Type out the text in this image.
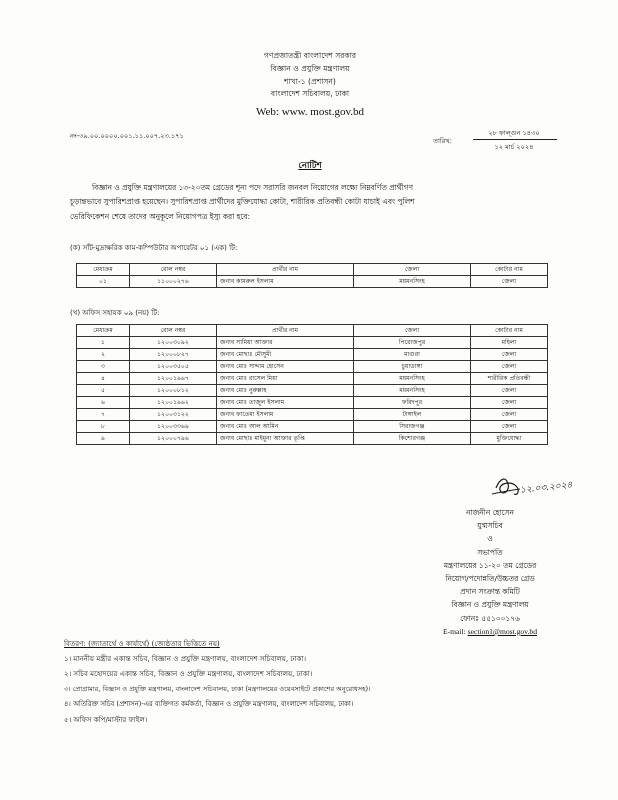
গণপ্রজাতন্ত্রী বাংলাদেশ সরকার
বিজ্ঞান ও প্রযুক্তি মন্ত্রণালয়
শাখা-১ (প্রশাসন)
বাংলাদেশ সচিবালয়, ঢাকা
Web: www. most.gov.bd
নং-৩৯.০০.০০০০.০০১.১১.০০৭.২৩.১৭১
তারিখ:
২৮ ফাল্গুন ১৪৩০
১২ মার্চ ২০২৪
নোটিশ
বিজ্ঞান ও প্রযুক্তি মন্ত্রণালয়ের ১৩-২০তম গ্রেডের শূন্য পদে সরাসরি জনবল নিয়োগের লক্ষ্যে নিম্নবর্ণিত প্রার্থীগণ
চূড়ান্তভাবে সুপারিশপ্রাপ্ত হয়েছেন। সুপারিশপ্রাপ্ত প্রার্থীদের মুক্তিযোদ্ধা কোটা, শারীরিক প্রতিবন্ধী কোটা যাচাই এবং পুলিশ
ভেরিফিকেশন শেষে তাদের অনুকূলে নিয়োগপত্র ইস্যু করা হবে:
(ক) সাঁট-মুদ্রাক্ষরিক কাম-কম্পিউটার অপারেটর ০১ (এক) টি:
মেধাক্রম	রোল নম্বর	প্রার্থীর নাম	জেলা	কোটার নাম
০১	১১০০০২৭৬	জনাব কামরুল ইসলাম	ময়মনসিংহ	জেলা
(খ) অফিস সহায়ক ০৯ (নয়) টি:
মেধাক্রম	রোল নম্বর	প্রার্থীর নাম	জেলা	কোটার নাম
১	১২০০৩০৯২	জনাব সামিয়া আক্তার	পিরোজপুর	মহিলা
২	১২০০০৮২৭	জনাব মোছাঃ মৌসুমী	মাগুরা	জেলা
৩	১২০০৩৫০৫	জনাব মোঃ সাদ্দাম হোসেন	চুয়াডাঙ্গা	জেলা
৪	১২০০১৯৬৭	জনাব মোঃ রাসেল মিয়া	ময়মনসিংহ	শারীরিক প্রতিবন্ধী
৫	১২০০০৮১২	জনাব মোঃ নুরুল্লাহ	ময়মনসিংহ	জেলা
৬	১২০০১৯৬২	জনাব মোঃ তাজুল ইসলাম	ফরিদপুর	জেলা
৭	১২০০৩১২২	জনাব ফাতেমা ইসলাম	টাঙ্গাইল	জেলা
৮	১২০০৩৩৬৯	জনাব মোঃ আল আমিন	সিরাজগঞ্জ	জেলা
৯	১২০০০৭৯৬	জনাব মোছাঃ মাইমুনা আক্তার তৃপ্তি	কিশোরগঞ্জ	মুক্তিযোদ্ধা
১২.০৩.২০২৪
নাজনীন হোসেন
যুগ্মসচিব
ও
সভাপতি
মন্ত্রণালয়ের ১১-২০ তম গ্রেডের
নিয়োগ/পদোন্নতি/উচ্চতর গ্রেড
প্রদান সংক্রান্ত কমিটি
বিজ্ঞান ও প্রযুক্তি মন্ত্রণালয়
ফোনঃ ৫৫১০০১৭৬
E-mail: section1@most.gov.bd
বিতরণ: (জ্যাতার্থে ও কার্যার্থে) (জ্যেষ্ঠতার ভিত্তিতে নয়)
১। মাননীয় মন্ত্রীর একান্ত সচিব, বিজ্ঞান ও প্রযুক্তি মন্ত্রণালয়, বাংলাদেশ সচিবালয়, ঢাকা।
২। সচিব মহোদয়ের একান্ত সচিব, বিজ্ঞান ও প্রযুক্তি মন্ত্রণালয়, বাংলাদেশ সচিবালয়, ঢাকা।
৩। প্রোগ্রামার, বিজ্ঞান ও প্রযুক্তি মন্ত্রণালয়, বাংলাদেশ সচিবালয়, ঢাকা (মন্ত্রণালয়ের ওয়েবসাইটে প্রকাশের অনুরোধসহ)।
৪। অতিরিক্ত সচিব (প্রশাসন)-এর ব্যক্তিগত কর্মকর্তা, বিজ্ঞান ও প্রযুক্তি মন্ত্রণালয়, বাংলাদেশ সচিবালয়, ঢাকা।
৫। অফিস কপি/মাস্টার ফাইল।
